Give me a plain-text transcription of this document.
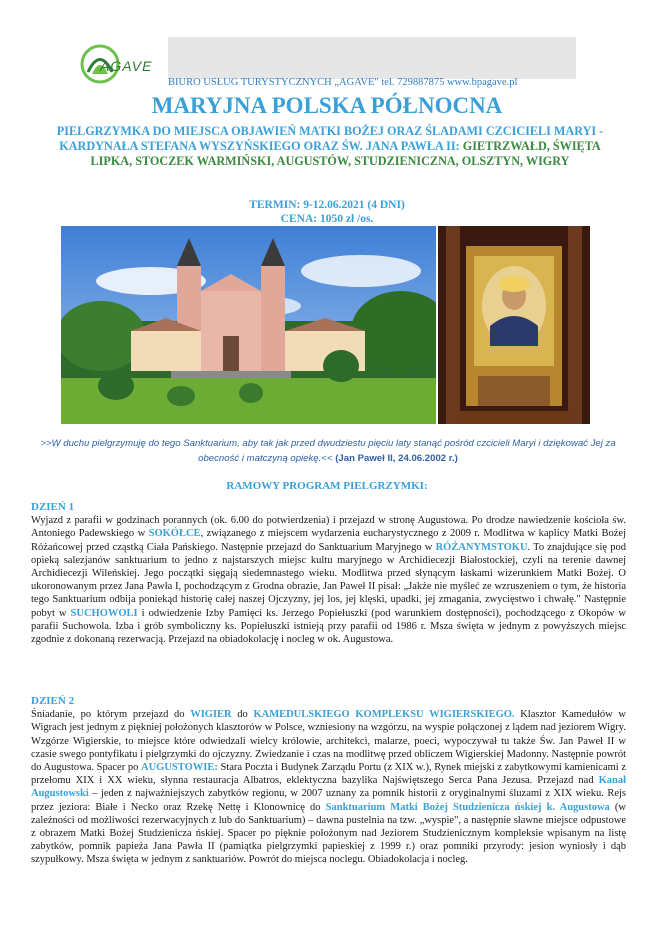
AGAVE
BIURO USŁUG TURYSTYCZNYCH „AGAVE" tel. 729887875 www.bpagave.pl
MARYJNA POLSKA PÓŁNOCNA
PIELGRZYMKA DO MIEJSCA OBJAWIEŃ MATKI BOŻEJ ORAZ ŚLADAMI CZCICIELI MARYI - KARDYNAŁA STEFANA WYSZYŃSKIEGO ORAZ ŚW. JANA PAWŁA II: GIETRZWAŁD, ŚWIĘTA LIPKA, STOCZEK WARMIŃSKI, AUGUSTÓW, STUDZIENICZNA, OLSZTYN, WIGRY
TERMIN: 9-12.06.2021 (4 DNI)
CENA: 1050 zł /os.
>>W duchu pielgrzymuję do tego Sanktuarium, aby tak jak przed dwudziestu pięciu laty stanąć pośród czcicieli Maryi i dziękować Jej za obecność i matczyną opiekę.<< (Jan Paweł II, 24.06.2002 r.)
RAMOWY PROGRAM PIELGRZYMKI:
DZIEŃ 1
Wyjazd z parafii w godzinach porannych (ok. 6.00 do potwierdzenia) i przejazd w stronę Augustowa. Po drodze nawiedzenie kościoła św. Antoniego Padewskiego w SOKÓŁCE, związanego z miejscem wydarzenia eucharystycznego z 2009 r. Modlitwa w kaplicy Matki Bożej Różańcowej przed cząstką Ciała Pańskiego. Następnie przejazd do Sanktuarium Maryjnego w RÓŻANYMSTOKU. To znajdujące się pod opieką salezjanów sanktuarium to jedno z najstarszych miejsc kultu maryjnego w Archidiecezji Białostockiej, czyli na terenie dawnej Archidiecezji Wileńskiej. Jego początki sięgają siedemnastego wieku. Modlitwa przed słynącym łaskami wizerunkiem Matki Bożej. O ukoronowanym przez Jana Pawła I, pochodzącym z Grodna obrazie, Jan Paweł II pisał: „Jakże nie myśleć ze wzruszeniem o tym, że historia tego Sanktuarium odbija poniekąd historię całej naszej Ojczyzny, jej los, jej klęski, upadki, jej zmagania, zwycięstwo i chwałę." Następnie pobyt w SUCHOWOLI i odwiedzenie Izby Pamięci ks. Jerzego Popiełuszki (pod warunkiem dostępności), pochodzącego z Okopów w parafii Suchowola. Izba i grób symboliczny ks. Popiełuszki istnieją przy parafii od 1986 r. Msza święta w jednym z powyższych miejsc zgodnie z dokonaną rezerwacją. Przejazd na obiadokolację i nocleg w ok. Augustowa.
DZIEŃ 2
Śniadanie, po którym przejazd do WIGIER do KAMEDULSKIEGO KOMPLEKSU WIGIERSKIEGO. Klasztor Kamedułów w Wigrach jest jednym z piękniej położonych klasztorów w Polsce, wzniesiony na wzgórzu, na wyspie połączonej z lądem nad jeziorem Wigry. Wzgórze Wigierskie, to miejsce które odwiedzali wielcy królowie, architekci, malarze, poeci, wypoczywał tu także Św. Jan Paweł II w czasie swego pontyfikatu i pielgrzymki do ojczyzny. Zwiedzanie i czas na modlitwę przed obliczem Wigierskiej Madonny. Następnie powrót do Augustowa. Spacer po AUGUSTOWIE: Stara Poczta i Budynek Zarządu Portu (z XIX w.), Rynek miejski z zabytkowymi kamienicami z przełomu XIX i XX wieku, słynna restauracja Albatros, eklektyczna bazylika Najświętszego Serca Pana Jezusa. Przejazd nad Kanał Augustowski – jeden z najważniejszych zabytków regionu, w 2007 uznany za pomnik historii z oryginalnymi śluzami z XIX wieku. Rejs przez jeziora: Białe i Necko oraz Rzekę Nettę i Klonownicę do Sanktuarium Matki Bożej Studzienicza ńskiej k. Augustowa (w zależności od możliwości rezerwacyjnych z lub do Sanktuarium) – dawna pustelnia na tzw. „wyspie", a następnie sławne miejsce odpustowe z obrazem Matki Bożej Studzienicza ńskiej. Spacer po pięknie położonym nad Jeziorem Studzienicznym kompleksie wpisanym na listę zabytków, pomnik papieża Jana Pawła II (pamiątka pielgrzymki papieskiej z 1999 r.) oraz pomniki przyrody: jesion wyniosły i dąb szypułkowy. Msza święta w jednym z sanktuariów. Powrót do miejsca noclegu. Obiadokolacja i nocleg.
